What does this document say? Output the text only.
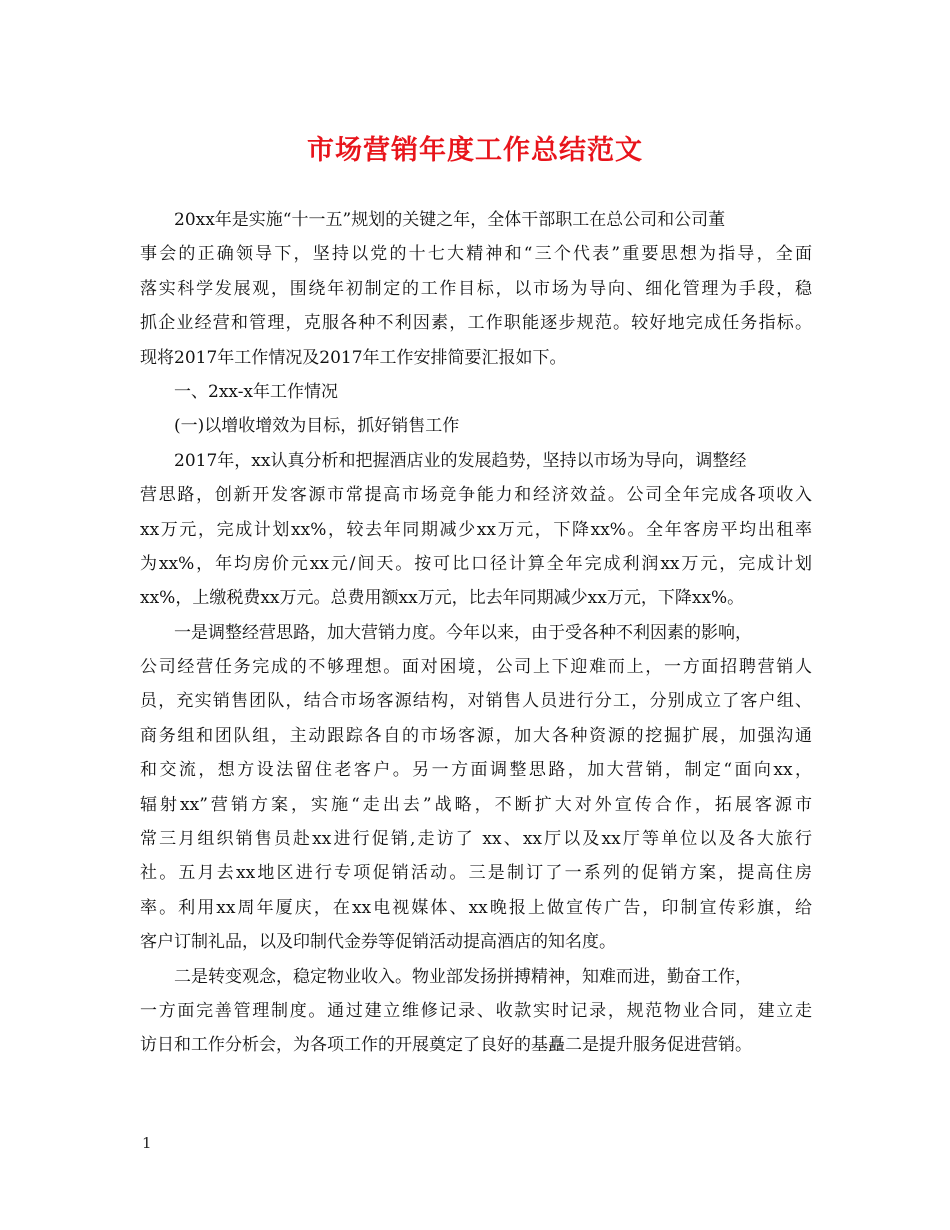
市场营销年度工作总结范文
20xx年是实施“十一五”规划的关键之年，全体干部职工在总公司和公司董
事会的正确领导下，坚持以党的十七大精神和“三个代表”重要思想为指导，全面
落实科学发展观，围绕年初制定的工作目标，以市场为导向、细化管理为手段，稳
抓企业经营和管理，克服各种不利因素，工作职能逐步规范。较好地完成任务指标。
现将2017年工作情况及2017年工作安排简要汇报如下。
一、2xx-x年工作情况
(一)以增收增效为目标，抓好销售工作
2017年，xx认真分析和把握酒店业的发展趋势，坚持以市场为导向，调整经
营思路，创新开发客源市常提高市场竞争能力和经济效益。公司全年完成各项收入
xx万元，完成计划xx%，较去年同期减少xx万元，下降xx%。全年客房平均出租率
为xx%，年均房价元xx元/间天。按可比口径计算全年完成利润xx万元，完成计划
xx%，上缴税费xx万元。总费用额xx万元，比去年同期减少xx万元，下降xx%。
一是调整经营思路，加大营销力度。今年以来，由于受各种不利因素的影响，
公司经营任务完成的不够理想。面对困境，公司上下迎难而上，一方面招聘营销人
员，充实销售团队，结合市场客源结构，对销售人员进行分工，分别成立了客户组、
商务组和团队组，主动跟踪各自的市场客源，加大各种资源的挖掘扩展，加强沟通
和交流，想方设法留住老客户。另一方面调整思路，加大营销，制定“面向xx，
辐射xx”营销方案，实施“走出去”战略，不断扩大对外宣传合作，拓展客源市
常三月组织销售员赴xx进行促销,走访了 xx、xx厅以及xx厅等单位以及各大旅行
社。五月去xx地区进行专项促销活动。三是制订了一系列的促销方案，提高住房
率。利用xx周年厦庆，在xx电视媒体、xx晚报上做宣传广告，印制宣传彩旗，给
客户订制礼品，以及印制代金券等促销活动提高酒店的知名度。
二是转变观念，稳定物业收入。物业部发扬拼搏精神，知难而进，勤奋工作，
一方面完善管理制度。通过建立维修记录、收款实时记录，规范物业合同，建立走
访日和工作分析会，为各项工作的开展奠定了良好的基矗二是提升服务促进营销。
1
